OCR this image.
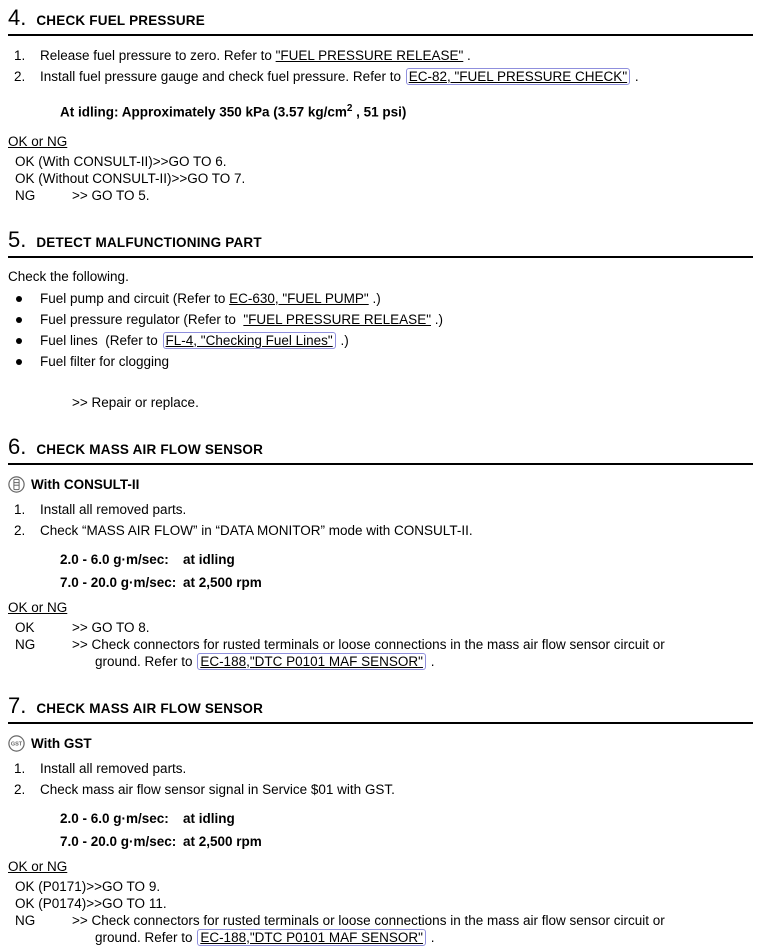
4. CHECK FUEL PRESSURE
1.	Release fuel pressure to zero. Refer to "FUEL PRESSURE RELEASE" .
2.	Install fuel pressure gauge and check fuel pressure. Refer to EC-82, "FUEL PRESSURE CHECK" .
At idling: Approximately 350 kPa (3.57 $kg/cm^2$ , 51 psi)
OK or NG
OK (With CONSULT-II)>>GO TO 6.
OK (Without CONSULT-II)>>GO TO 7.
NG	>> GO TO 5.
5. DETECT MALFUNCTIONING PART
Check the following.
Fuel pump and circuit (Refer to EC-630, "FUEL PUMP" .)
Fuel pressure regulator (Refer to  "FUEL PRESSURE RELEASE" .)
Fuel lines  (Refer to FL-4, "Checking Fuel Lines" .)
Fuel filter for clogging
>> Repair or replace.
6. CHECK MASS AIR FLOW SENSOR
With CONSULT-II
1.	Install all removed parts.
2.	Check “MASS AIR FLOW” in “DATA MONITOR” mode with CONSULT-II.
2.0 - 6.0 g·m/sec:	at idling
7.0 - 20.0 g·m/sec: at 2,500 rpm
OK or NG
OK	>> GO TO 8.
NG	>> Check connectors for rusted terminals or loose connections in the mass air flow sensor circuit or
ground. Refer to EC-188,"DTC P0101 MAF SENSOR" .
7. CHECK MASS AIR FLOW SENSOR
GST With GST
1.	Install all removed parts.
2.	Check mass air flow sensor signal in Service $01 with GST.
2.0 - 6.0 g·m/sec:	at idling
7.0 - 20.0 g·m/sec: at 2,500 rpm
OK or NG
OK (P0171)>>GO TO 9.
OK (P0174)>>GO TO 11.
NG	>> Check connectors for rusted terminals or loose connections in the mass air flow sensor circuit or
ground. Refer to EC-188,"DTC P0101 MAF SENSOR" .
